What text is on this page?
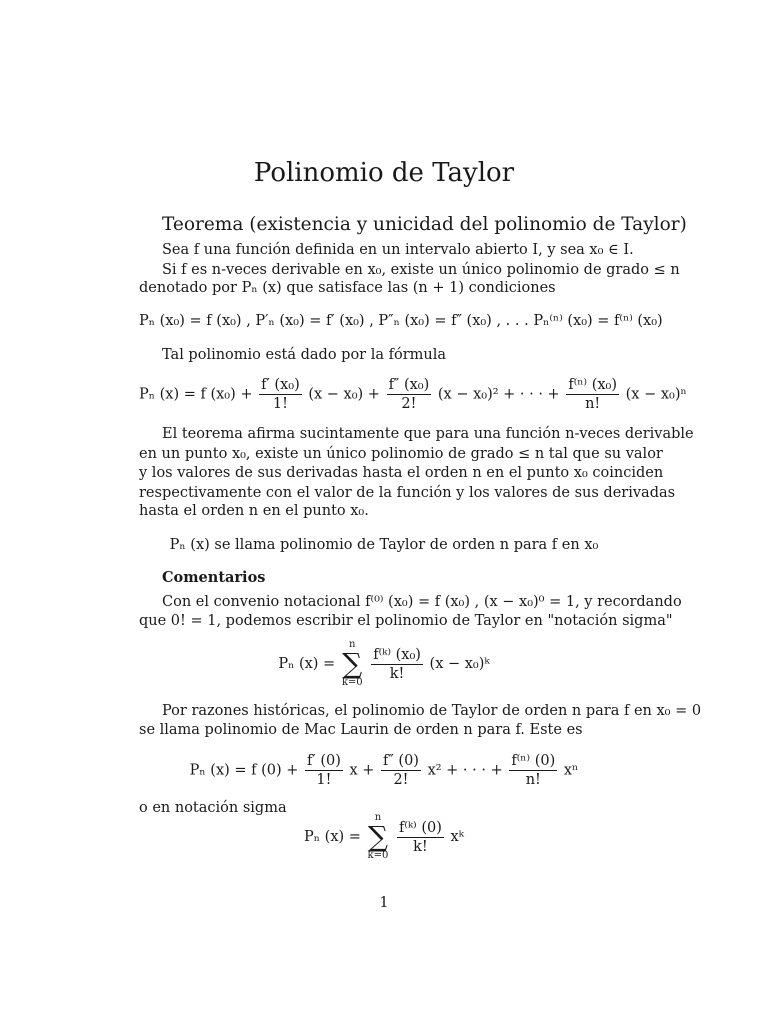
Polinomio de Taylor
Teorema (existencia y unicidad del polinomio de Taylor)
Sea f una función definida en un intervalo abierto I, y sea x₀ ∈ I.
Si f es n-veces derivable en x₀, existe un único polinomio de grado ≤ n
denotado por Pₙ (x) que satisface las (n + 1) condiciones
Pₙ (x₀) = f (x₀) , P′ₙ (x₀) = f′ (x₀) , P″ₙ (x₀) = f″ (x₀) , . . . Pₙ⁽ⁿ⁾ (x₀) = f⁽ⁿ⁾ (x₀)
Tal polinomio está dado por la fórmula
Pₙ (x) = f $(x_0) + \frac{\text{f′ (x₀)}}{1!} (x - x_0) + \frac{\text{f″ (x₀)}}{2!} (x - x_0)^2$ + · · · + $\frac{\text{f⁽ⁿ⁾ (x₀)}}{n!} (x - x_0)^n$
El teorema afirma sucintamente que para una función n-veces derivable
en un punto x₀, existe un único polinomio de grado ≤ n tal que su valor
y los valores de sus derivadas hasta el orden n en el punto x₀ coinciden
respectivamente con el valor de la función y los valores de sus derivadas
hasta el orden n en el punto x₀.
Pₙ (x) se llama polinomio de Taylor de orden n para f en x₀
Comentarios
Con el convenio notacional f⁽⁰⁾ (x₀) = f (x₀) , (x − x₀)⁰ = 1, y recordando
que 0! = 1, podemos escribir el polinomio de Taylor en "notación sigma"
Pₙ (x) =
n
∑
k=0
$\frac{\text{f⁽ᵏ⁾ (x₀)}}{k!} (x$ − x₀)ᵏ
Por razones históricas, el polinomio de Taylor de orden n para f en x₀ = 0
se llama polinomio de Mac Laurin de orden n para f. Este es
Pₙ (x) = f $(0) + \frac{f' (0)}{1!}$ $x + \frac{f'' (0)}{2!} x^2$ + · · · + $\frac{\text{f⁽ⁿ⁾ (0)}}{n!}$ xⁿ
o en notación sigma
Pₙ (x) =
n
∑
k=0
$\frac{\text{f⁽ᵏ⁾ (0)}}{k!}$ xᵏ
1
